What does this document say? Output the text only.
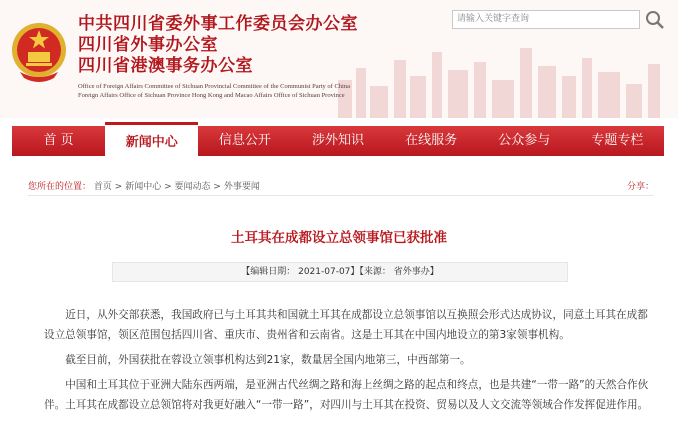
中共四川省委外事工作委员会办公室
四川省外事办公室
四川省港澳事务办公室
Office of Foreign Affairs Committee of Sichuan Provincial Committee of the Communist Party of China
Foreign Affairs Office of Sichuan Province Hong Kong and Macao Affairs Office of Sichuan Province
请输入关键字查询
首 页	新闻中心	信息公开	涉外知识	在线服务	公众参与	专题专栏
您所在的位置： 首页 > 新闻中心 > 要闻动态 > 外事要闻	分享：
土耳其在成都设立总领事馆已获批准
【编辑日期： 2021-07-07】【来源： 省外事办】

近日，从外交部获悉，我国政府已与土耳其共和国就土耳其在成都设立总领事馆以互换照会形式达成协议，同意土耳其在成都设立总领事馆，领区范围包括四川省、重庆市、贵州省和云南省。这是土耳其在中国内地设立的第3家领事机构。

截至目前，外国获批在蓉设立领事机构达到21家，数量居全国内地第三，中西部第一。

中国和土耳其位于亚洲大陆东西两端，是亚洲古代丝绸之路和海上丝绸之路的起点和终点，也是共建“一带一路”的天然合作伙伴。土耳其在成都设立总领馆将对我更好融入“一带一路”，对四川与土耳其在投资、贸易以及人文交流等领域合作发挥促进作用。
